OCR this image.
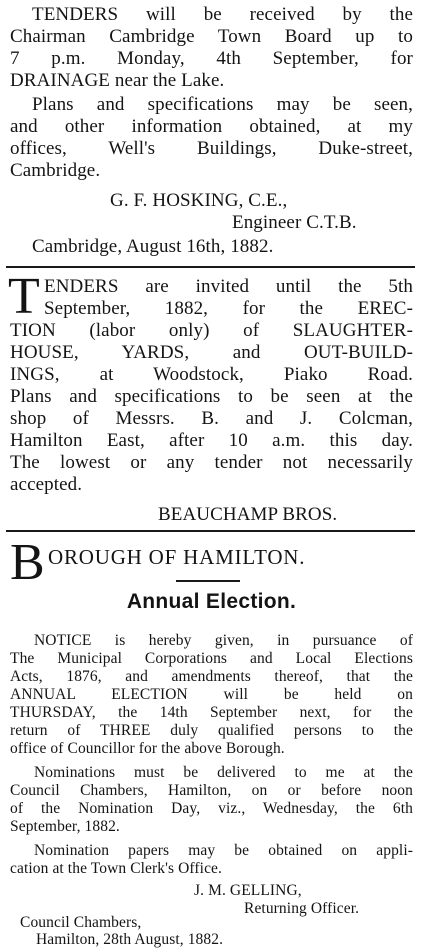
TENDERS will be received by the

Chairman Cambridge Town Board up to

7 p.m. Monday, 4th September, for

DRAINAGE near the Lake.

Plans and specifications may be seen,

and other information obtained, at my

offices, Well's Buildings, Duke-street,

Cambridge.

G. F. HOSKING, C.E.,

Engineer C.T.B.

Cambridge, August 16th, 1882.

T ENDERS are invited until the 5th

September, 1882, for the EREC-

TION (labor only) of SLAUGHTER-

HOUSE, YARDS, and OUT-BUILD-

INGS, at Woodstock, Piako Road.

Plans and specifications to be seen at the

shop of Messrs. B. and J. Colcman,

Hamilton East, after 10 a.m. this day.

The lowest or any tender not necessarily

accepted.

BEAUCHAMP BROS.

B OROUGH OF HAMILTON.

Annual Election.

NOTICE is hereby given, in pursuance of

The Municipal Corporations and Local Elections

Acts, 1876, and amendments thereof, that the

ANNUAL ELECTION will be held on

THURSDAY, the 14th September next, for the

return of THREE duly qualified persons to the

office of Councillor for the above Borough.

Nominations must be delivered to me at the

Council Chambers, Hamilton, on or before noon

of the Nomination Day, viz., Wednesday, the 6th

September, 1882.

Nomination papers may be obtained on appli-

cation at the Town Clerk's Office.

J. M. GELLING,

Returning Officer.

Council Chambers,

Hamilton, 28th August, 1882.
